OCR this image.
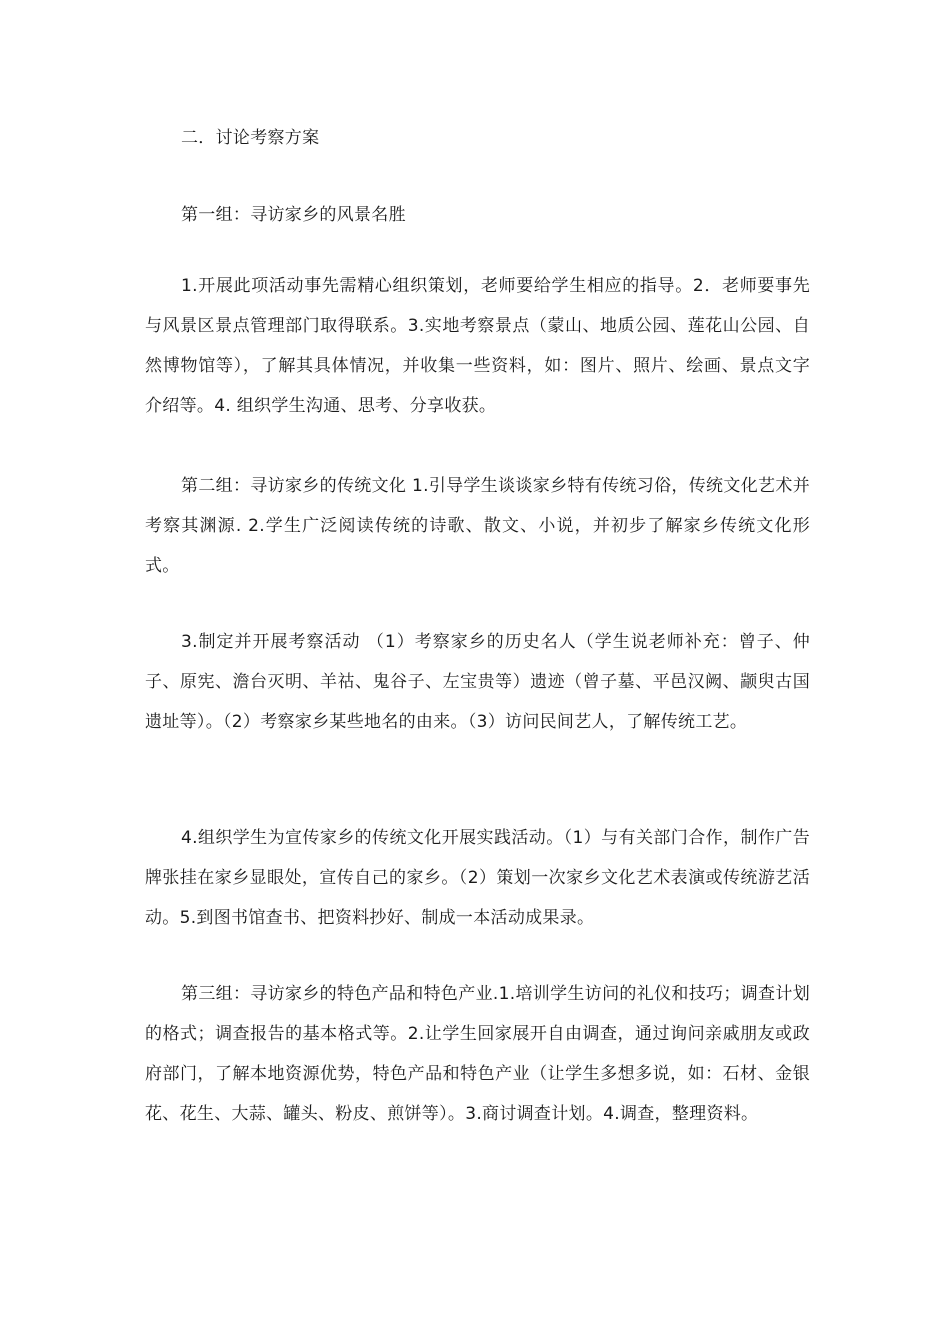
二．讨论考察方案

第一组：寻访家乡的风景名胜

1.开展此项活动事先需精心组织策划，老师要给学生相应的指导。2．老师要事先与风景区景点管理部门取得联系。3.实地考察景点（蒙山、地质公园、莲花山公园、自然博物馆等），了解其具体情况，并收集一些资料，如：图片、照片、绘画、景点文字介绍等。4. 组织学生沟通、思考、分享收获。

第二组：寻访家乡的传统文化 1.引导学生谈谈家乡特有传统习俗，传统文化艺术并考察其渊源. 2.学生广泛阅读传统的诗歌、散文、小说，并初步了解家乡传统文化形式。

3.制定并开展考察活动 （1）考察家乡的历史名人（学生说老师补充：曾子、仲子、原宪、澹台灭明、羊祜、鬼谷子、左宝贵等）遗迹（曾子墓、平邑汉阙、颛臾古国遗址等）。（2）考察家乡某些地名的由来。（3）访问民间艺人，了解传统工艺。

4.组织学生为宣传家乡的传统文化开展实践活动。（1）与有关部门合作，制作广告牌张挂在家乡显眼处，宣传自己的家乡。（2）策划一次家乡文化艺术表演或传统游艺活动。5.到图书馆查书、把资料抄好、制成一本活动成果录。

第三组：寻访家乡的特色产品和特色产业.1.培训学生访问的礼仪和技巧；调查计划的格式；调查报告的基本格式等。2.让学生回家展开自由调查，通过询问亲戚朋友或政府部门，了解本地资源优势，特色产品和特色产业（让学生多想多说，如：石材、金银花、花生、大蒜、罐头、粉皮、煎饼等）。3.商讨调查计划。4.调查，整理资料。
